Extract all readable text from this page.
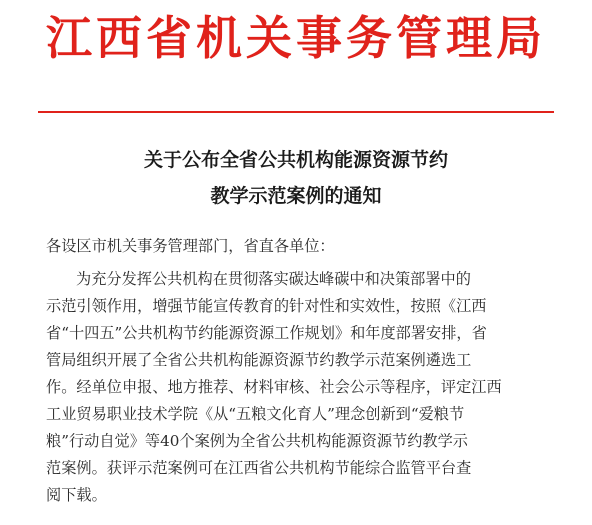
江西省机关事务管理局
关于公布全省公共机构能源资源节约
教学示范案例的通知
各设区市机关事务管理部门，省直各单位：
为充分发挥公共机构在贯彻落实碳达峰碳中和决策部署中的
示范引领作用，增强节能宣传教育的针对性和实效性，按照《江西
省“十四五”公共机构节约能源资源工作规划》和年度部署安排，省
管局组织开展了全省公共机构能源资源节约教学示范案例遴选工
作。经单位申报、地方推荐、材料审核、社会公示等程序，评定江西
工业贸易职业技术学院《从“五粮文化育人”理念创新到“爱粮节
粮”行动自觉》等40个案例为全省公共机构能源资源节约教学示
范案例。获评示范案例可在江西省公共机构节能综合监管平台查
阅下载。
